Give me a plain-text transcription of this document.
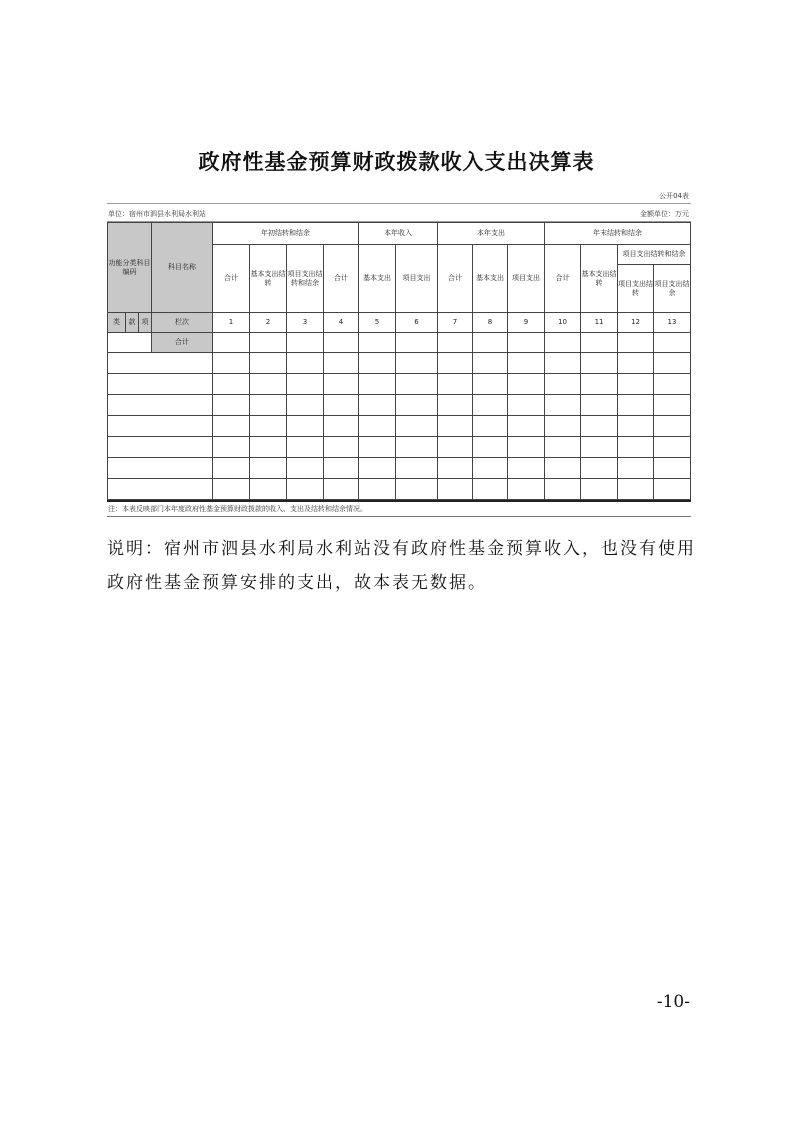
政府性基金预算财政拨款收入支出决算表
公开04表
单位：宿州市泗县水利局水利站	金额单位：万元
功能分类科目编码			科目名称	年初结转和结余				本年收入		本年支出			年末结转和结余			
				合计	基本支出结转	项目支出结转和结余	合计	基本支出	项目支出	合计	基本支出	项目支出	合计	基本支出结转	项目支出结转和结余	
															项目支出结转	项目支出结余
类	款	项	栏次	1	2	3	4	5	6	7	8	9	10	11	12	13
			合计													

注：本表反映部门本年度政府性基金预算财政拨款的收入、支出及结转和结余情况。
说明：宿州市泗县水利局水利站没有政府性基金预算收入，也没有使用政府性基金预算安排的支出，故本表无数据。
-10-
